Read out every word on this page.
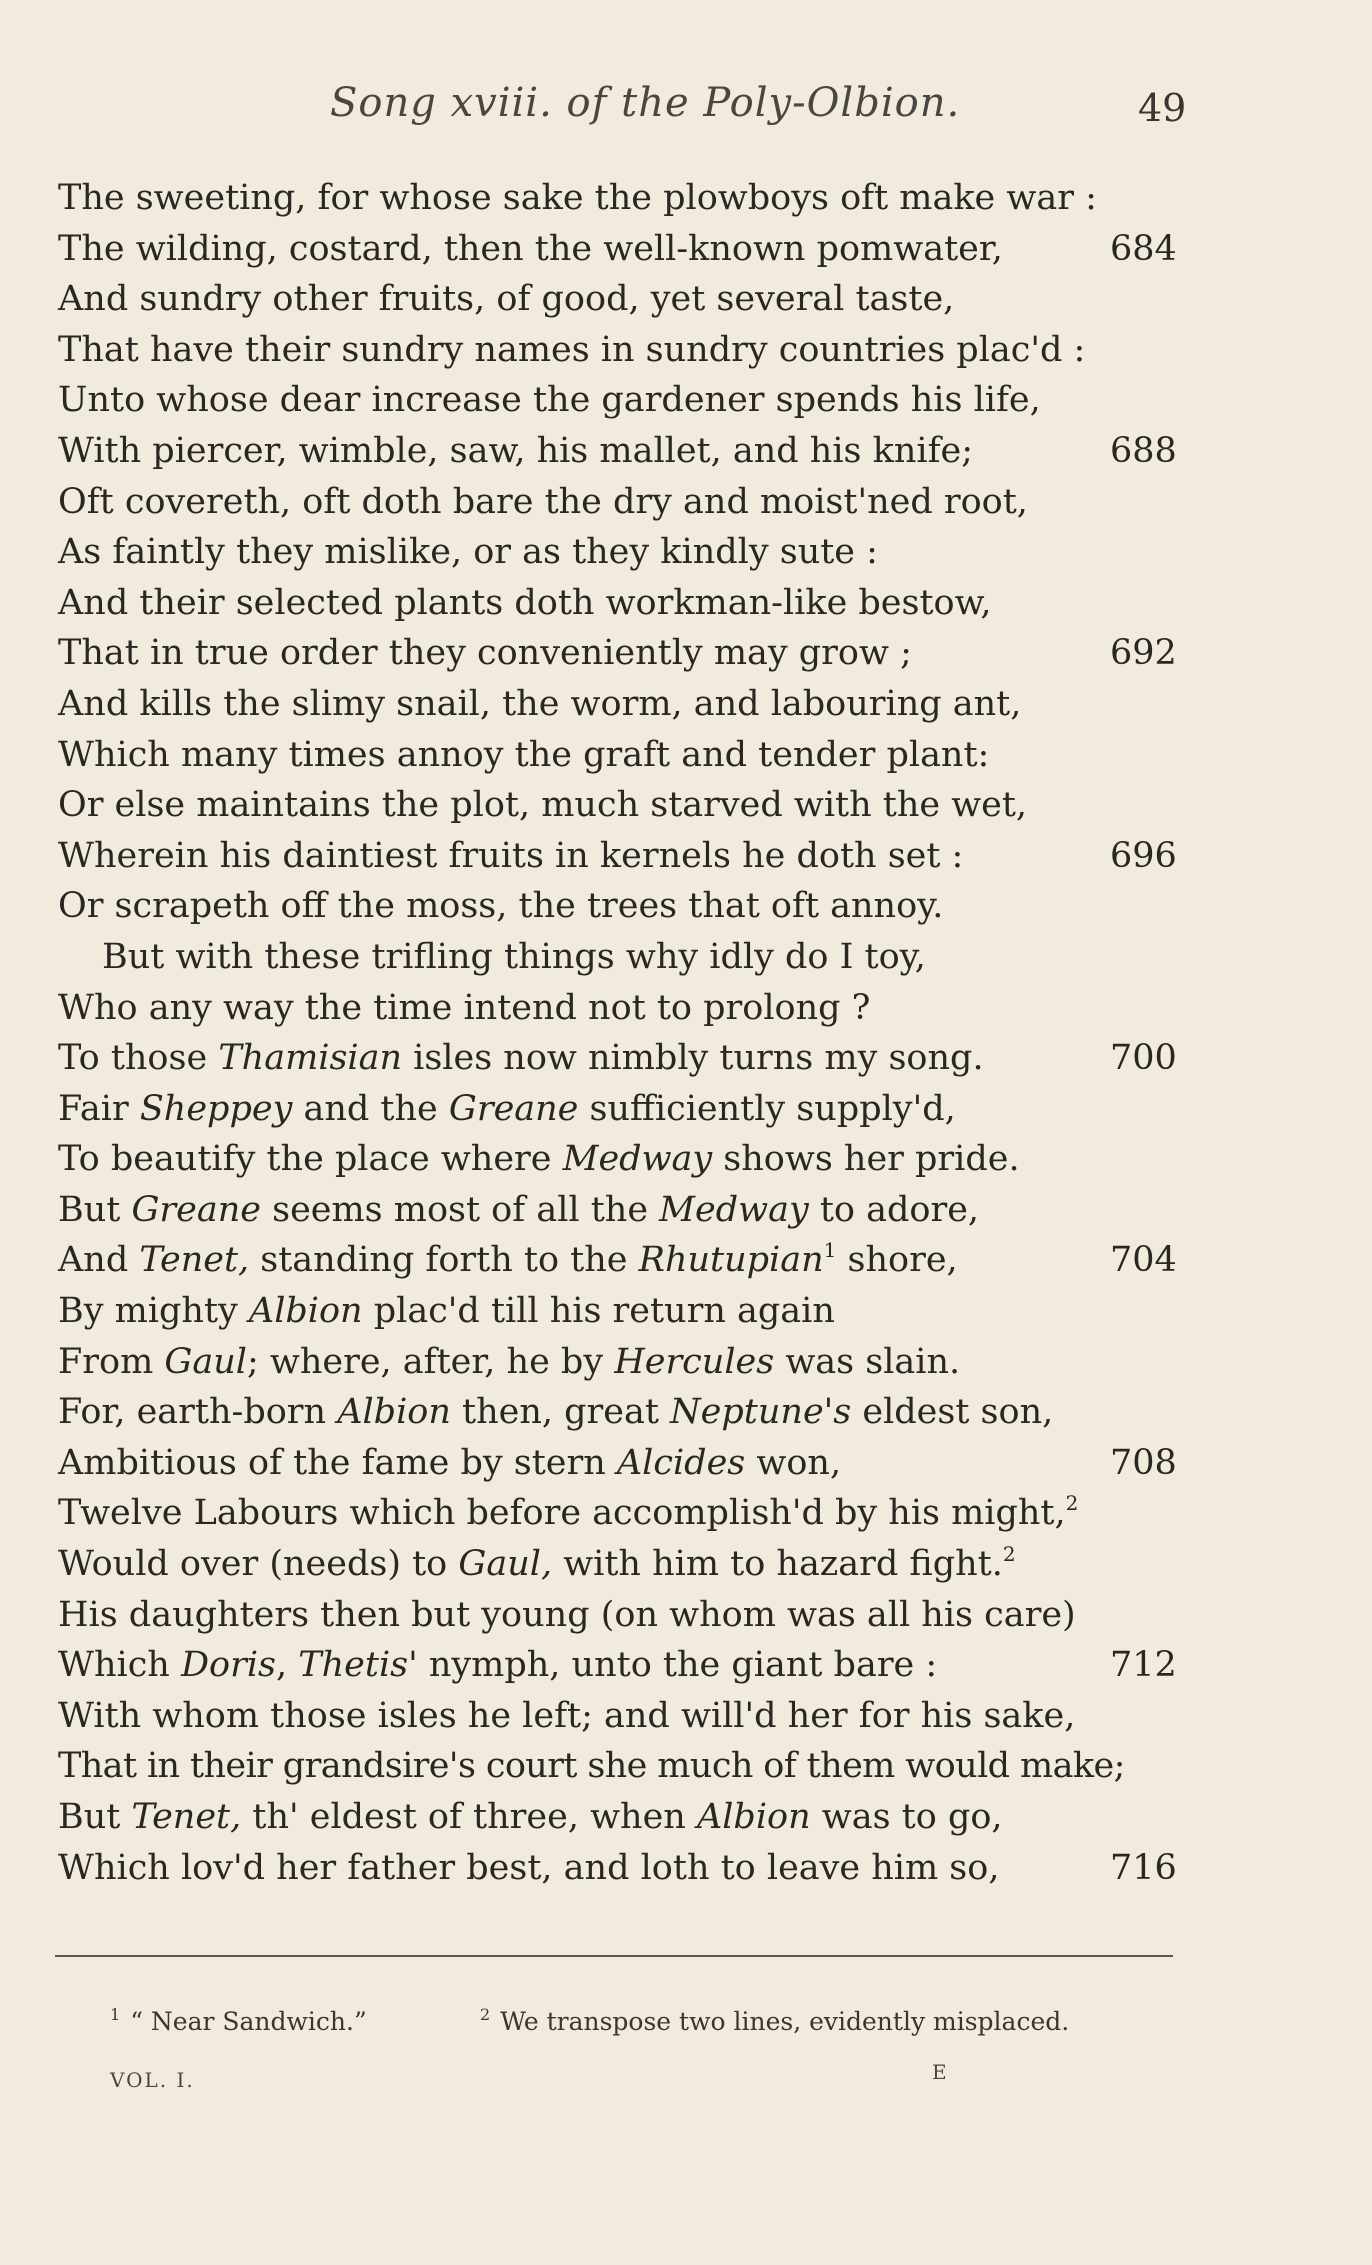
Song xviii. of the Poly-Olbion.	49
The sweeting, for whose sake the plowboys oft make war :
The wilding, costard, then the well-known pomwater,	684
And sundry other fruits, of good, yet several taste,
That have their sundry names in sundry countries plac'd :
Unto whose dear increase the gardener spends his life,
With piercer, wimble, saw, his mallet, and his knife;	688
Oft covereth, oft doth bare the dry and moist'ned root,
As faintly they mislike, or as they kindly sute :
And their selected plants doth workman-like bestow,
That in true order they conveniently may grow ;	692
And kills the slimy snail, the worm, and labouring ant,
Which many times annoy the graft and tender plant:
Or else maintains the plot, much starved with the wet,
Wherein his daintiest fruits in kernels he doth set :	696
Or scrapeth off the moss, the trees that oft annoy.
But with these trifling things why idly do I toy,
Who any way the time intend not to prolong ?
To those Thamisian isles now nimbly turns my song.	700
Fair Sheppey and the Greane sufficiently supply'd,
To beautify the place where Medway shows her pride.
But Greane seems most of all the Medway to adore,
And Tenet, standing forth to the Rhutupian$^1$ shore,	704
By mighty Albion plac'd till his return again
From Gaul; where, after, he by Hercules was slain.
For, earth-born Albion then, great Neptune's eldest son,
Ambitious of the fame by stern Alcides won,	708
Twelve Labours which before accomplish'd by his might,$^2$
Would over (needs) to Gaul, with him to hazard fight.$^2$
His daughters then but young (on whom was all his care)
Which Doris, Thetis' nymph, unto the giant bare :	712
With whom those isles he left; and will'd her for his sake,
That in their grandsire's court she much of them would make;
But Tenet, th' eldest of three, when Albion was to go,
Which lov'd her father best, and loth to leave him so,	716
$^1$ “ Near Sandwich.”	$^2$ We transpose two lines, evidently misplaced.
VOL. I.	E
